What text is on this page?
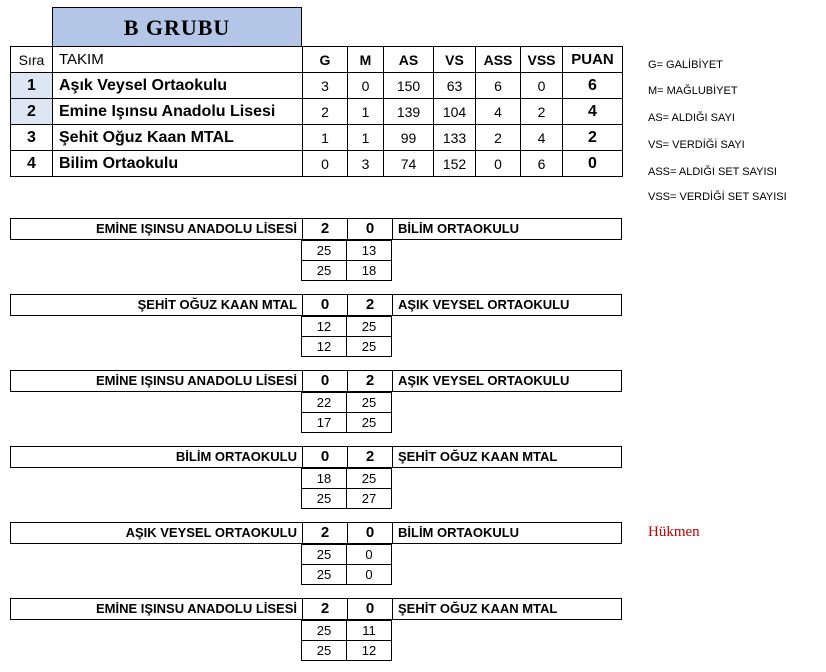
B GRUBU
Sıra	TAKIM	G	M	AS	VS	ASS	VSS	PUAN
1	Aşık Veysel Ortaokulu	3	0	150	63	6	0	6
2	Emine Işınsu Anadolu Lisesi	2	1	139	104	4	2	4
3	Şehit Oğuz Kaan MTAL	1	1	99	133	2	4	2
4	Bilim Ortaokulu	0	3	74	152	0	6	0
G= GALİBİYET
M= MAĞLUBİYET
AS= ALDIĞI SAYI
VS= VERDİĞİ SAYI
ASS= ALDIĞI SET SAYISI
VSS= VERDİĞİ SET SAYISI
EMİNE IŞINSU ANADOLU LİSESİ	2	0	BİLİM ORTAOKULU
25	13
25	18
ŞEHİT OĞUZ KAAN MTAL	0	2	AŞIK VEYSEL ORTAOKULU
12	25
12	25
EMİNE IŞINSU ANADOLU LİSESİ	0	2	AŞIK VEYSEL ORTAOKULU
22	25
17	25
BİLİM ORTAOKULU	0	2	ŞEHİT OĞUZ KAAN MTAL
18	25
25	27
AŞIK VEYSEL ORTAOKULU	2	0	BİLİM ORTAOKULU
25	0
25	0
Hükmen
EMİNE IŞINSU ANADOLU LİSESİ	2	0	ŞEHİT OĞUZ KAAN MTAL
25	11
25	12
